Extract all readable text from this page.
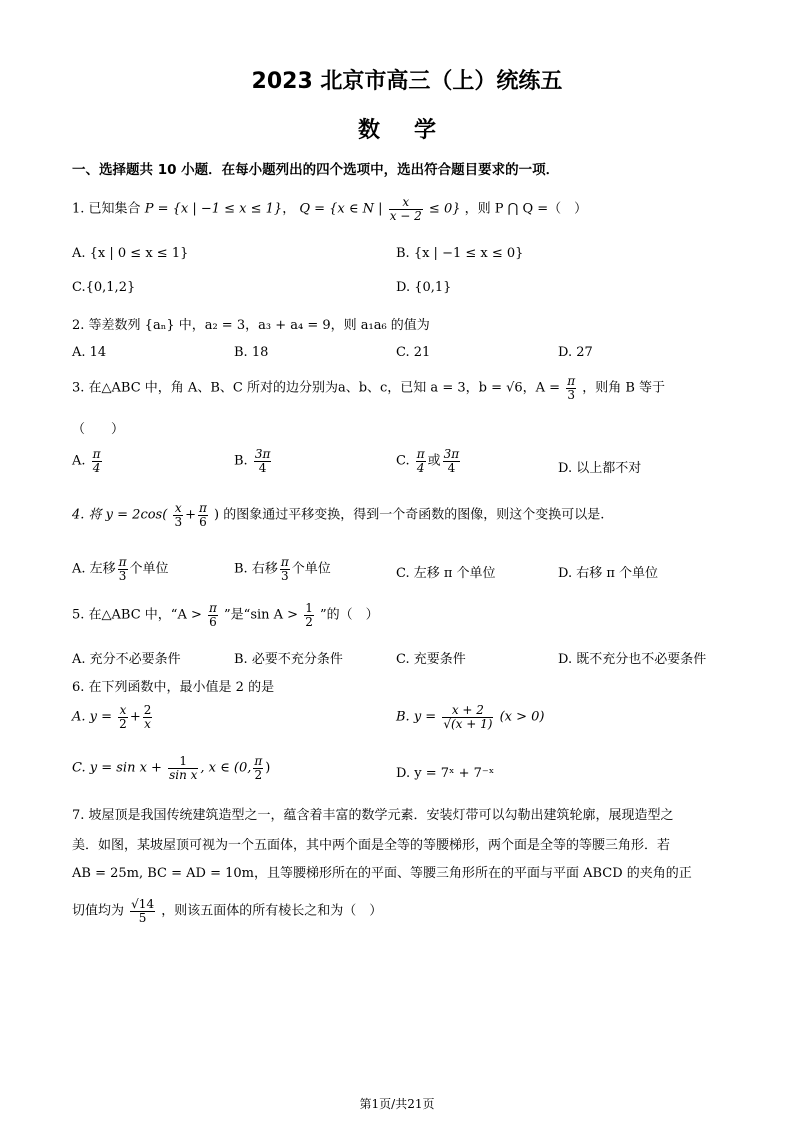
2023 北京市高三（上）统练五
数学
一、选择题共 10 小题．在每小题列出的四个选项中，选出符合题目要求的一项．
1. 已知集合 P = {x | −1 ≤ x ≤ 1}， Q = {x ∈ N | $\frac{x}{x - 2} \le 0$} ，则 P ⋂ Q =（　）
A. {x | 0 ≤ x ≤ 1}	B. {x | −1 ≤ x ≤ 0}
C.{0,1,2}	D. {0,1}
2. 等差数列 {aₙ} 中，a₂ = 3，a₃ + a₄ = 9，则 a₁a₆ 的值为
A. 14	B. 18	C. 21	D. 27
3. 在△ABC 中，角 A、B、C 所对的边分别为a、b、c，已知 a = 3，b = √6，$A = \frac{\pi}{3}$ ，则角 B 等于
（　　）
A. $\frac{\pi}{4}$	B. $\frac{3\pi}{4}$	C. $\frac{\pi}{4}$ 或 $\frac{3\pi}{4}$	D. 以上都不对
4. 将 $y = 2\cos( \frac{x}{3} + \frac{\pi}{6}$ ) 的图象通过平移变换，得到一个奇函数的图像，则这个变换可以是.
A. 左移 $\frac{\pi}{3}$ 个单位	B. 右移 $\frac{\pi}{3}$ 个单位	C. 左移 π 个单位	D. 右移 π 个单位
5. 在△ABC 中，“$A > \frac{\pi}{6}$ ”是“sin $A > \frac{1}{2}$ ”的（　）
A. 充分不必要条件	B. 必要不充分条件	C. 充要条件	D. 既不充分也不必要条件
6. 在下列函数中，最小值是 2 的是
A. $y = \frac{x}{2} + \frac{2}{x}$	B. $y = \frac{x + 2}{√(x + 1)} (x > 0)$
C. $y = \sin x + \frac{1}{\text{sin x}}$ , x ∈ (0, $\frac{\pi}{2}$ )	D. y = 7ˣ + 7⁻ˣ
7. 坡屋顶是我国传统建筑造型之一，蕴含着丰富的数学元素．安装灯带可以勾勒出建筑轮廓，展现造型之
美．如图，某坡屋顶可视为一个五面体，其中两个面是全等的等腰梯形，两个面是全等的等腰三角形．若
AB = 25m, BC = AD = 10m，且等腰梯形所在的平面、等腰三角形所在的平面与平面 ABCD 的夹角的正
切值均为 $\frac{√14}{5}$ ，则该五面体的所有棱长之和为（　）
第1页/共21页
